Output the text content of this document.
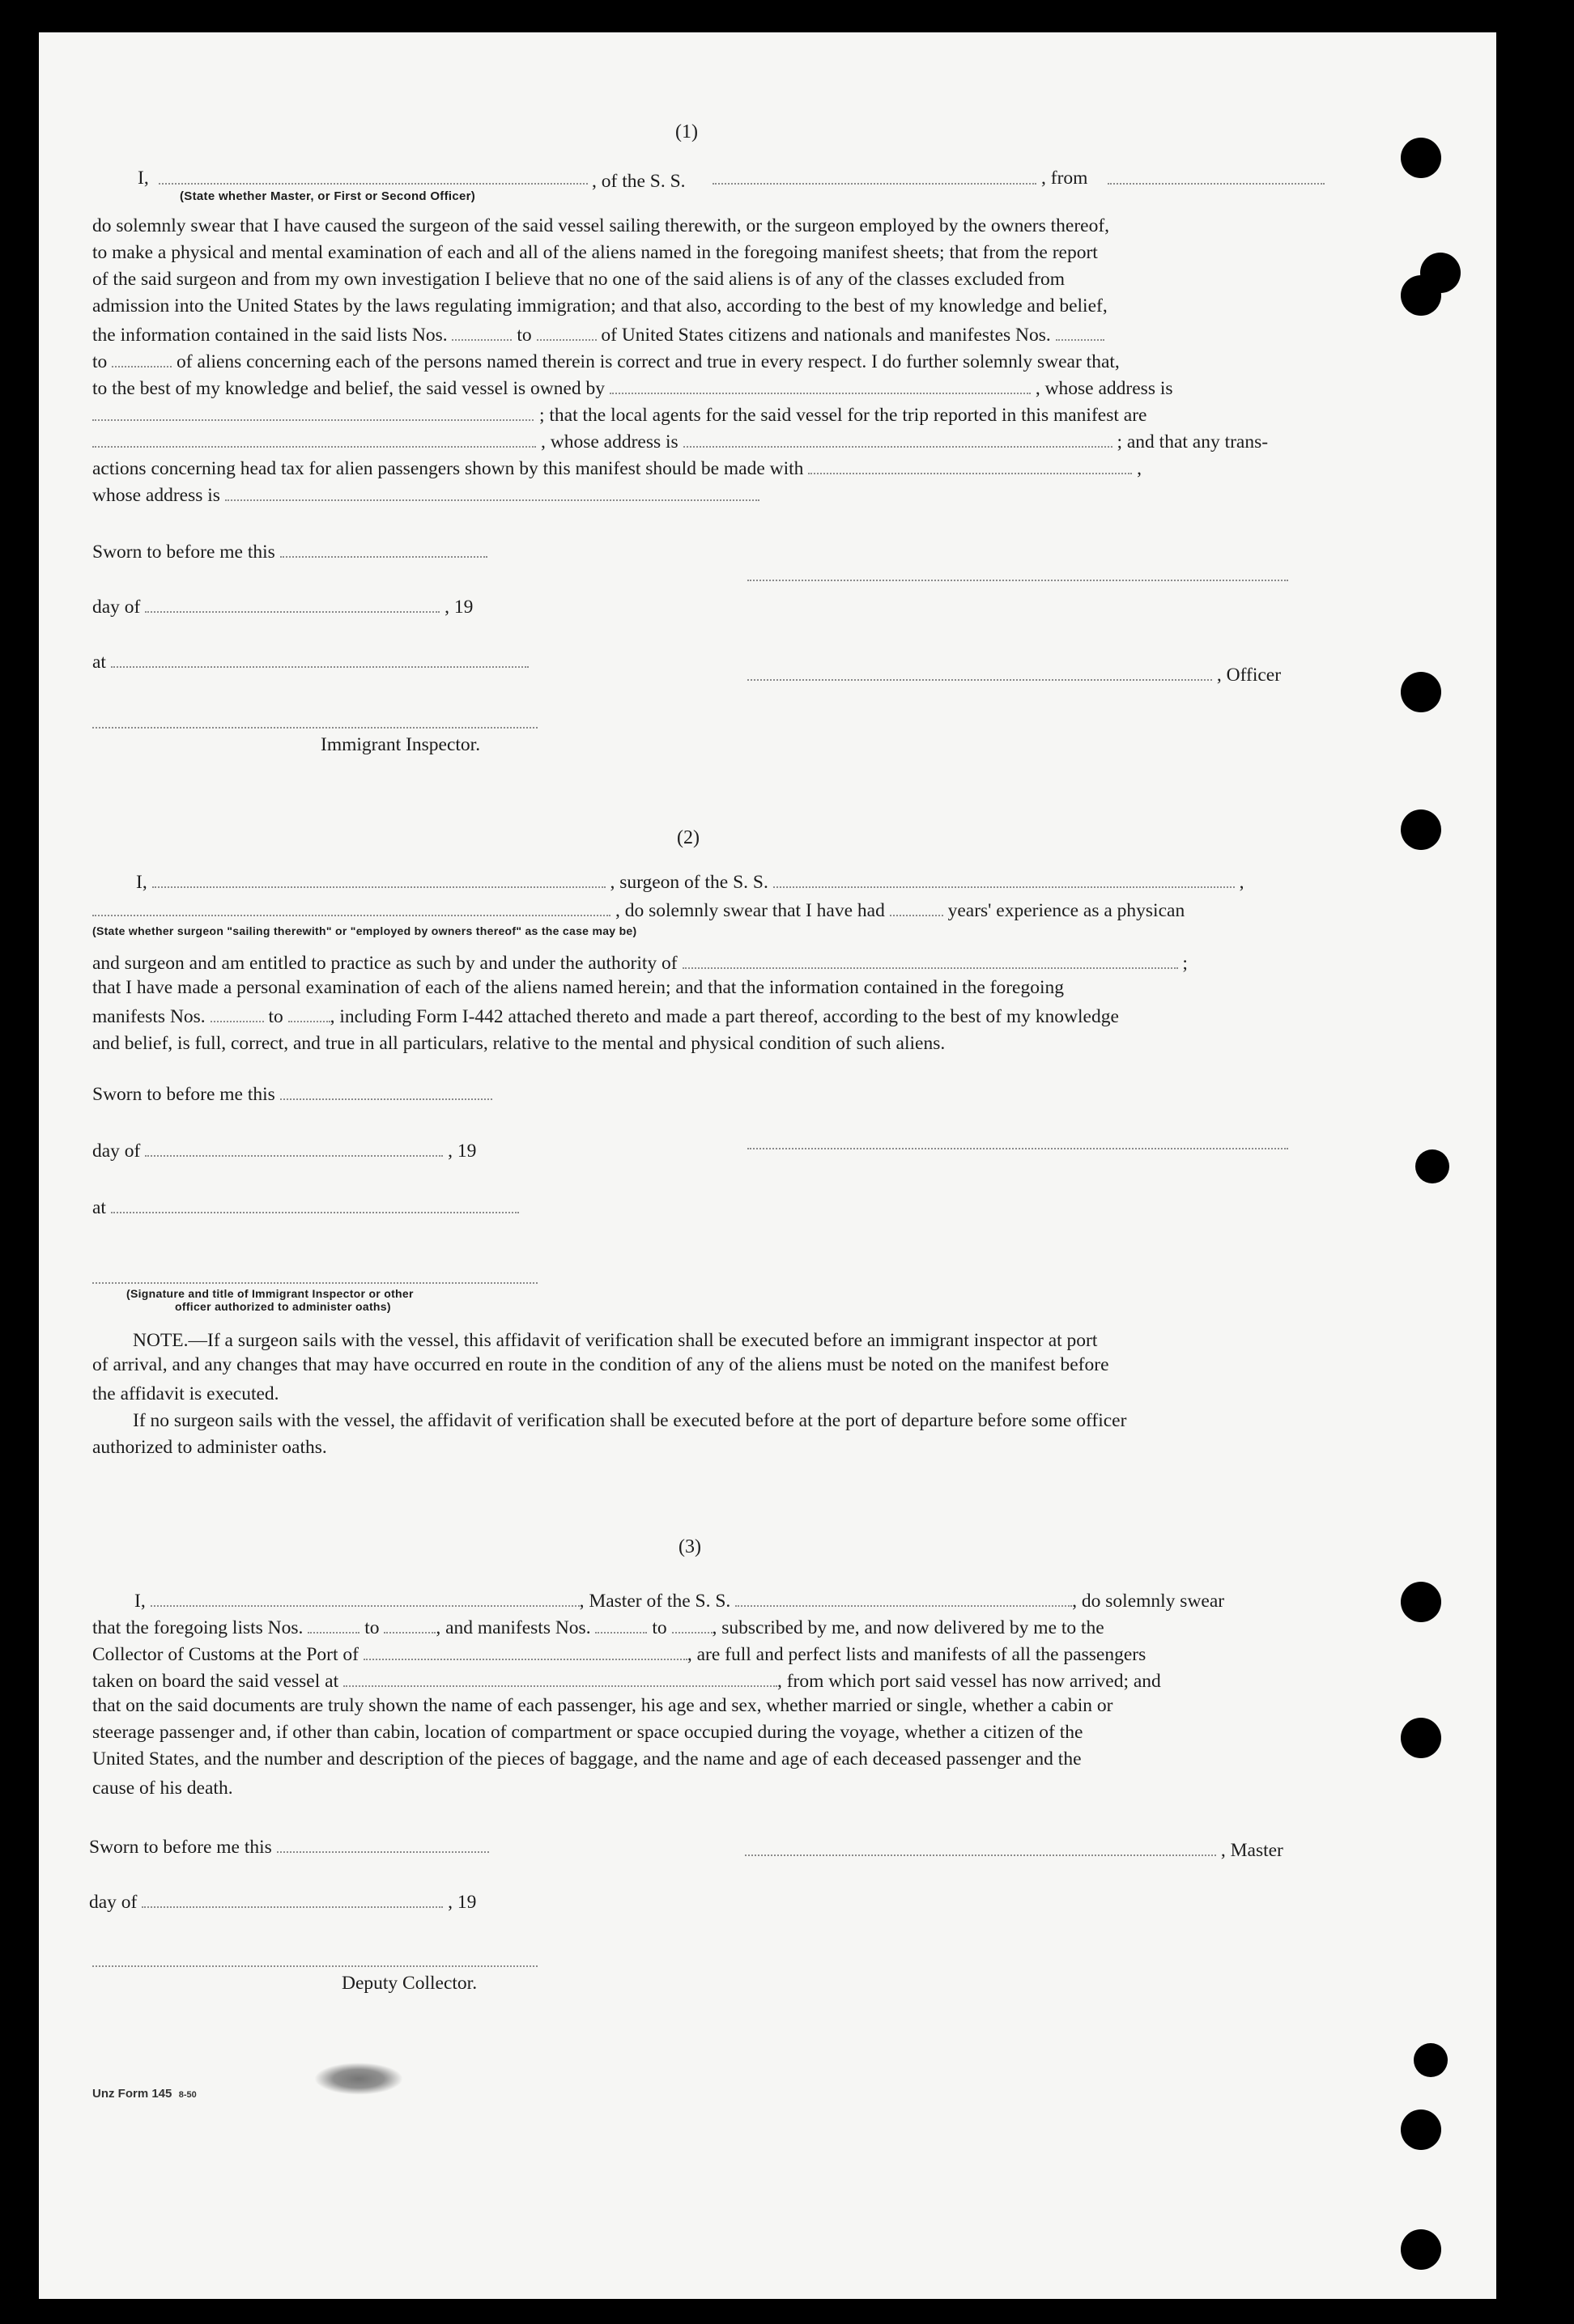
(1)
I,	, of the S. S.	, from
(State whether Master, or First or Second Officer)
do solemnly swear that I have caused the surgeon of the said vessel sailing therewith, or the surgeon employed by the owners thereof,
to make a physical and mental examination of each and all of the aliens named in the foregoing manifest sheets; that from the report
of the said surgeon and from my own investigation I believe that no one of the said aliens is of any of the classes excluded from
admission into the United States by the laws regulating immigration; and that also, according to the best of my knowledge and belief,
the information contained in the said lists Nos.	to	of United States citizens and nationals and manifestes Nos.
to	of aliens concerning each of the persons named therein is correct and true in every respect. I do further solemnly swear that,
to the best of my knowledge and belief, the said vessel is owned by	, whose address is
; that the local agents for the said vessel for the trip reported in this manifest are
, whose address is	; and that any trans-
actions concerning head tax for alien passengers shown by this manifest should be made with	,
whose address is
Sworn to before me this
day of	, 19
at
, Officer
Immigrant Inspector.
(2)
I,	, surgeon of the S. S.	,
, do solemnly swear that I have had	years' experience as a physican
(State whether surgeon "sailing therewith" or "employed by owners thereof" as the case may be)
and surgeon and am entitled to practice as such by and under the authority of	;
that I have made a personal examination of each of the aliens named herein; and that the information contained in the foregoing
manifests Nos.	to , including Form I-442 attached thereto and made a part thereof, according to the best of my knowledge
and belief, is full, correct, and true in all particulars, relative to the mental and physical condition of such aliens.
Sworn to before me this
day of	, 19
at
(Signature and title of Immigrant Inspector or other
officer authorized to administer oaths)
NOTE.—If a surgeon sails with the vessel, this affidavit of verification shall be executed before an immigrant inspector at port
of arrival, and any changes that may have occurred en route in the condition of any of the aliens must be noted on the manifest before
the affidavit is executed.
If no surgeon sails with the vessel, the affidavit of verification shall be executed before at the port of departure before some officer
authorized to administer oaths.
(3)
I,	, Master of the S. S.	, do solemnly swear
that the foregoing lists Nos.	to	, and manifests Nos.	to , subscribed by me, and now delivered by me to the
Collector of Customs at the Port of	, are full and perfect lists and manifests of all the passengers
taken on board the said vessel at	, from which port said vessel has now arrived; and
that on the said documents are truly shown the name of each passenger, his age and sex, whether married or single, whether a cabin or
steerage passenger and, if other than cabin, location of compartment or space occupied during the voyage, whether a citizen of the
United States, and the number and description of the pieces of baggage, and the name and age of each deceased passenger and the
cause of his death.
Sworn to before me this	, Master
day of	, 19
Deputy Collector.
Unz Form 145 8-50
